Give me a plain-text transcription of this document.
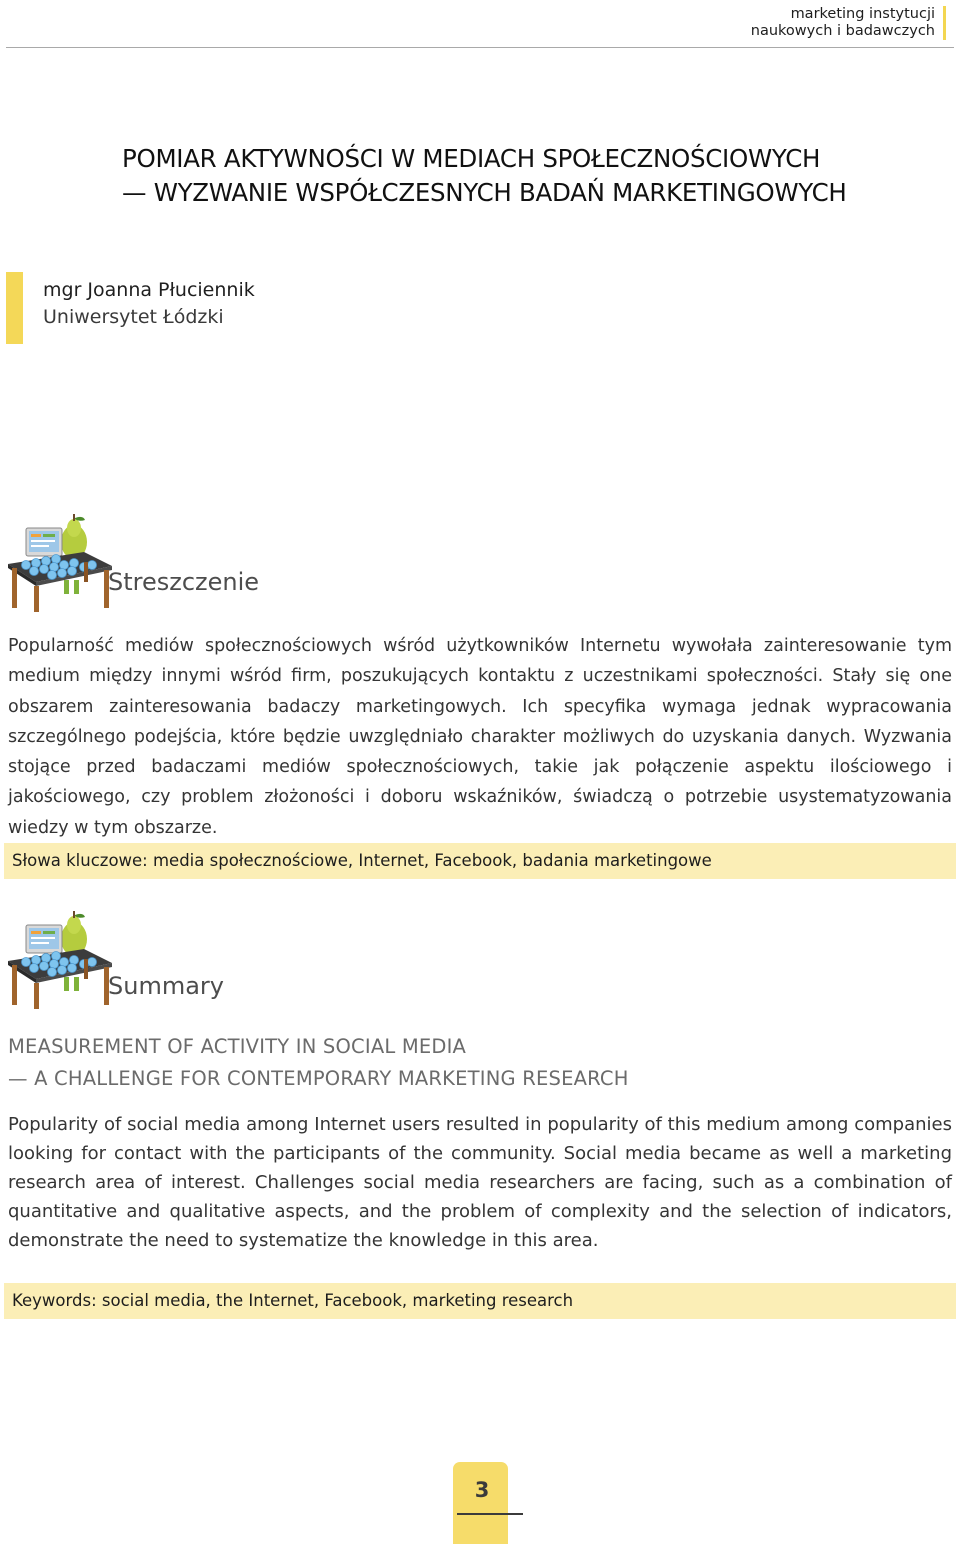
marketing instytucji
naukowych i badawczych
POMIAR AKTYWNOŚCI W MEDIACH SPOŁECZNOŚCIOWYCH
— WYZWANIE WSPÓŁCZESNYCH BADAŃ MARKETINGOWYCH
mgr Joanna Płuciennik
Uniwersytet Łódzki
Streszczenie

Popularność mediów społecznościowych wśród użytkowników Internetu wywołała zainteresowanie tym medium między innymi wśród firm, poszukujących kontaktu z uczestnikami społeczności. Stały się one obszarem zainteresowania badaczy marketingowych. Ich specyfika wymaga jednak wypracowania szczególnego podejścia, które będzie uwzględniało charakter możliwych do uzyskania danych. Wyzwania stojące przed badaczami mediów społecznościowych, takie jak połączenie aspektu ilościowego i jakościowego, czy problem złożoności i doboru wskaźników, świadczą o potrzebie usystematyzowania wiedzy w tym obszarze.

Słowa kluczowe: media społecznościowe, Internet, Facebook, badania marketingowe
Summary
MEASUREMENT OF ACTIVITY IN SOCIAL MEDIA
— A CHALLENGE FOR CONTEMPORARY MARKETING RESEARCH

Popularity of social media among Internet users resulted in popularity of this medium among companies looking for contact with the participants of the community. Social media became as well a marketing research area of interest. Challenges social media researchers are facing, such as a combination of quantitative and qualitative aspects, and the problem of complexity and the selection of indicators, demonstrate the need to systematize the knowledge in this area.

Keywords: social media, the Internet, Facebook, marketing research
3
